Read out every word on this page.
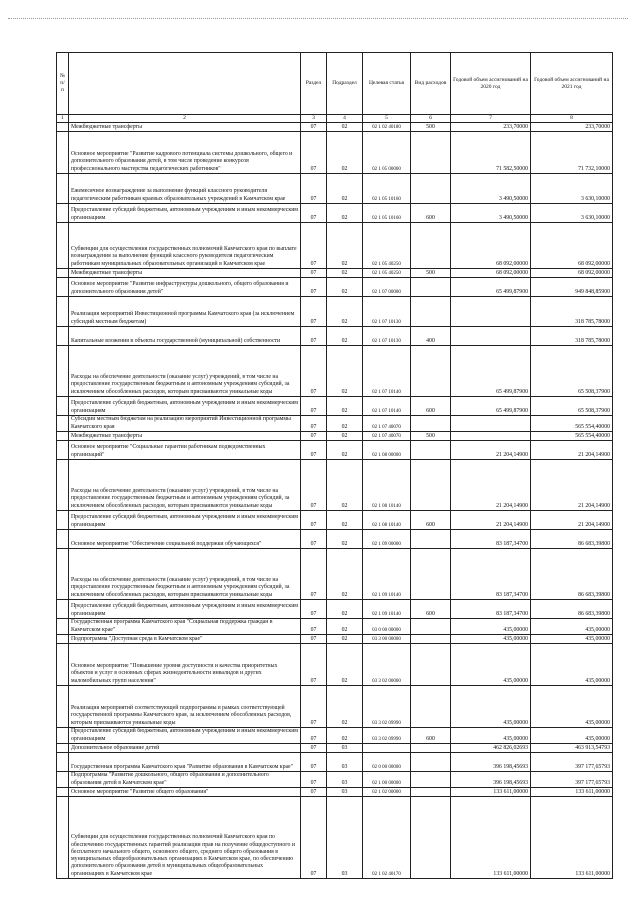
№ п/п		Раздел	Подраздел	Целевая статья	Вид расходов	Годовой объем ассигнований на 2020 год	Годовой объем ассигнований на 2021 год
1	2	3	4	5	6	7	8
	Межбюджетные трансферты	07	02	02 1 02 40180	500	233,70000	233,70000
	Основное мероприятие "Развитие кадрового потенциала системы дошкольного, общего и дополнительного образования детей, в том числе проведение конкурсов профессионального мастерства педагогических работников"	07	02	02 1 05 00000		71 582,50000	71 732,10000
	Ежемесячное вознаграждение за выполнение функций классного руководителя педагогическим работникам краевых образовательных учреждений в Камчатском крае	07	02	02 1 05 10160		3 490,50000	3 630,10000
	Предоставление субсидий бюджетным, автономным учреждениям и иным некоммерческим организациям	07	02	02 1 05 10160	600	3 490,50000	3 630,10000
	Субвенции для осуществления государственных полномочий Камчатского края по выплате вознаграждения за выполнение функций классного руководителя педагогическим работникам муниципальных образовательных организаций в Камчатском крае	07	02	02 1 05 40250		68 092,00000	68 092,00000
	Межбюджетные трансферты	07	02	02 1 05 40250	500	68 092,00000	68 092,00000
	Основное мероприятие "Развитие инфраструктуры дошкольного, общего образования и дополнительного образования детей"	07	02	02 1 07 00000		65 499,87900	949 848,85900
	Реализация мероприятий Инвестиционной программы Камчатского края (за исключением субсидий местным бюджетам)	07	02	02 1 07 10130			318 785,78000
	Капитальные вложения в объекты государственной (муниципальной) собственности	07	02	02 1 07 10130	400		318 785,78000
	Расходы на обеспечение деятельности (оказание услуг) учреждений, в том числе на предоставление государственным бюджетным и автономным учреждениям субсидий, за исключением обособленных расходов, которым присваиваются уникальные коды	07	02	02 1 07 10140		65 499,87900	65 508,37900
	Предоставление субсидий бюджетным, автономным учреждениям и иным некоммерческим организациям	07	02	02 1 07 10140	600	65 499,87900	65 508,37900
	Субсидии местным бюджетам на реализацию мероприятий Инвестиционной программы Камчатского края	07	02	02 1 07 40070			565 554,40000
	Межбюджетные трансферты	07	02	02 1 07 40070	500		565 554,40000
	Основное мероприятие "Социальные гарантии работникам подведомственных организаций"	07	02	02 1 08 00000		21 204,14900	21 204,14900
	Расходы на обеспечение деятельности (оказание услуг) учреждений, в том числе на предоставление государственным бюджетным и автономным учреждениям субсидий, за исключением обособленных расходов, которым присваиваются уникальные коды	07	02	02 1 08 10140		21 204,14900	21 204,14900
	Предоставление субсидий бюджетным, автономным учреждениям и иным некоммерческим организациям	07	02	02 1 08 10140	600	21 204,14900	21 204,14900
	Основное мероприятие "Обеспечение социальной поддержки обучающихся"	07	02	02 1 09 00000		83 187,34700	86 683,39800
	Расходы на обеспечение деятельности (оказание услуг) учреждений, в том числе на предоставление государственным бюджетным и автономным учреждениям субсидий, за исключением обособленных расходов, которым присваиваются уникальные коды	07	02	02 1 09 10140		83 187,34700	86 683,39800
	Предоставление субсидий бюджетным, автономным учреждениям и иным некоммерческим организациям	07	02	02 1 09 10140	600	83 187,34700	86 683,39800
	Государственная программа Камчатского края "Социальная поддержка граждан в Камчатском крае"	07	02	03 0 00 00000		435,00000	435,00000
	Подпрограмма "Доступная среда в Камчатском крае"	07	02	03 3 00 00000		435,00000	435,00000
	Основное мероприятие "Повышение уровня доступности и качества приоритетных объектов и услуг в основных сферах жизнедеятельности инвалидов и других маломобильных групп населения"	07	02	03 3 02 00000		435,00000	435,00000
	Реализация мероприятий соответствующей подпрограммы в рамках соответствующей государственной программы Камчатского края, за исключением обособленных расходов, которым присваиваются уникальные коды	07	02	03 3 02 09990		435,00000	435,00000
	Предоставление субсидий бюджетным, автономным учреждениям и иным некоммерческим организациям	07	02	03 3 02 09990	600	435,00000	435,00000
	Дополнительное образование детей	07	03			462 826,02693	463 913,54793
	Государственная программа Камчатского края "Развитие образования в Камчатском крае"	07	03	02 0 00 00000		396 198,45693	397 177,65793
	Подпрограмма "Развитие дошкольного, общего образования и дополнительного образования детей в Камчатском крае"	07	03	02 1 00 00000		396 198,45693	397 177,65793
	Основное мероприятие "Развитие общего образования"	07	03	02 1 02 00000		133 611,00000	133 611,00000
	Субвенции для осуществления государственных полномочий Камчатского края по обеспечению государственных гарантий реализации прав на получение общедоступного и бесплатного начального общего, основного общего, среднего общего образования в муниципальных общеобразовательных организациях в Камчатском крае, по обеспечению дополнительного образования детей в муниципальных общеобразовательных организациях в Камчатском крае	07	03	02 1 02 40170		133 611,00000	133 611,00000
